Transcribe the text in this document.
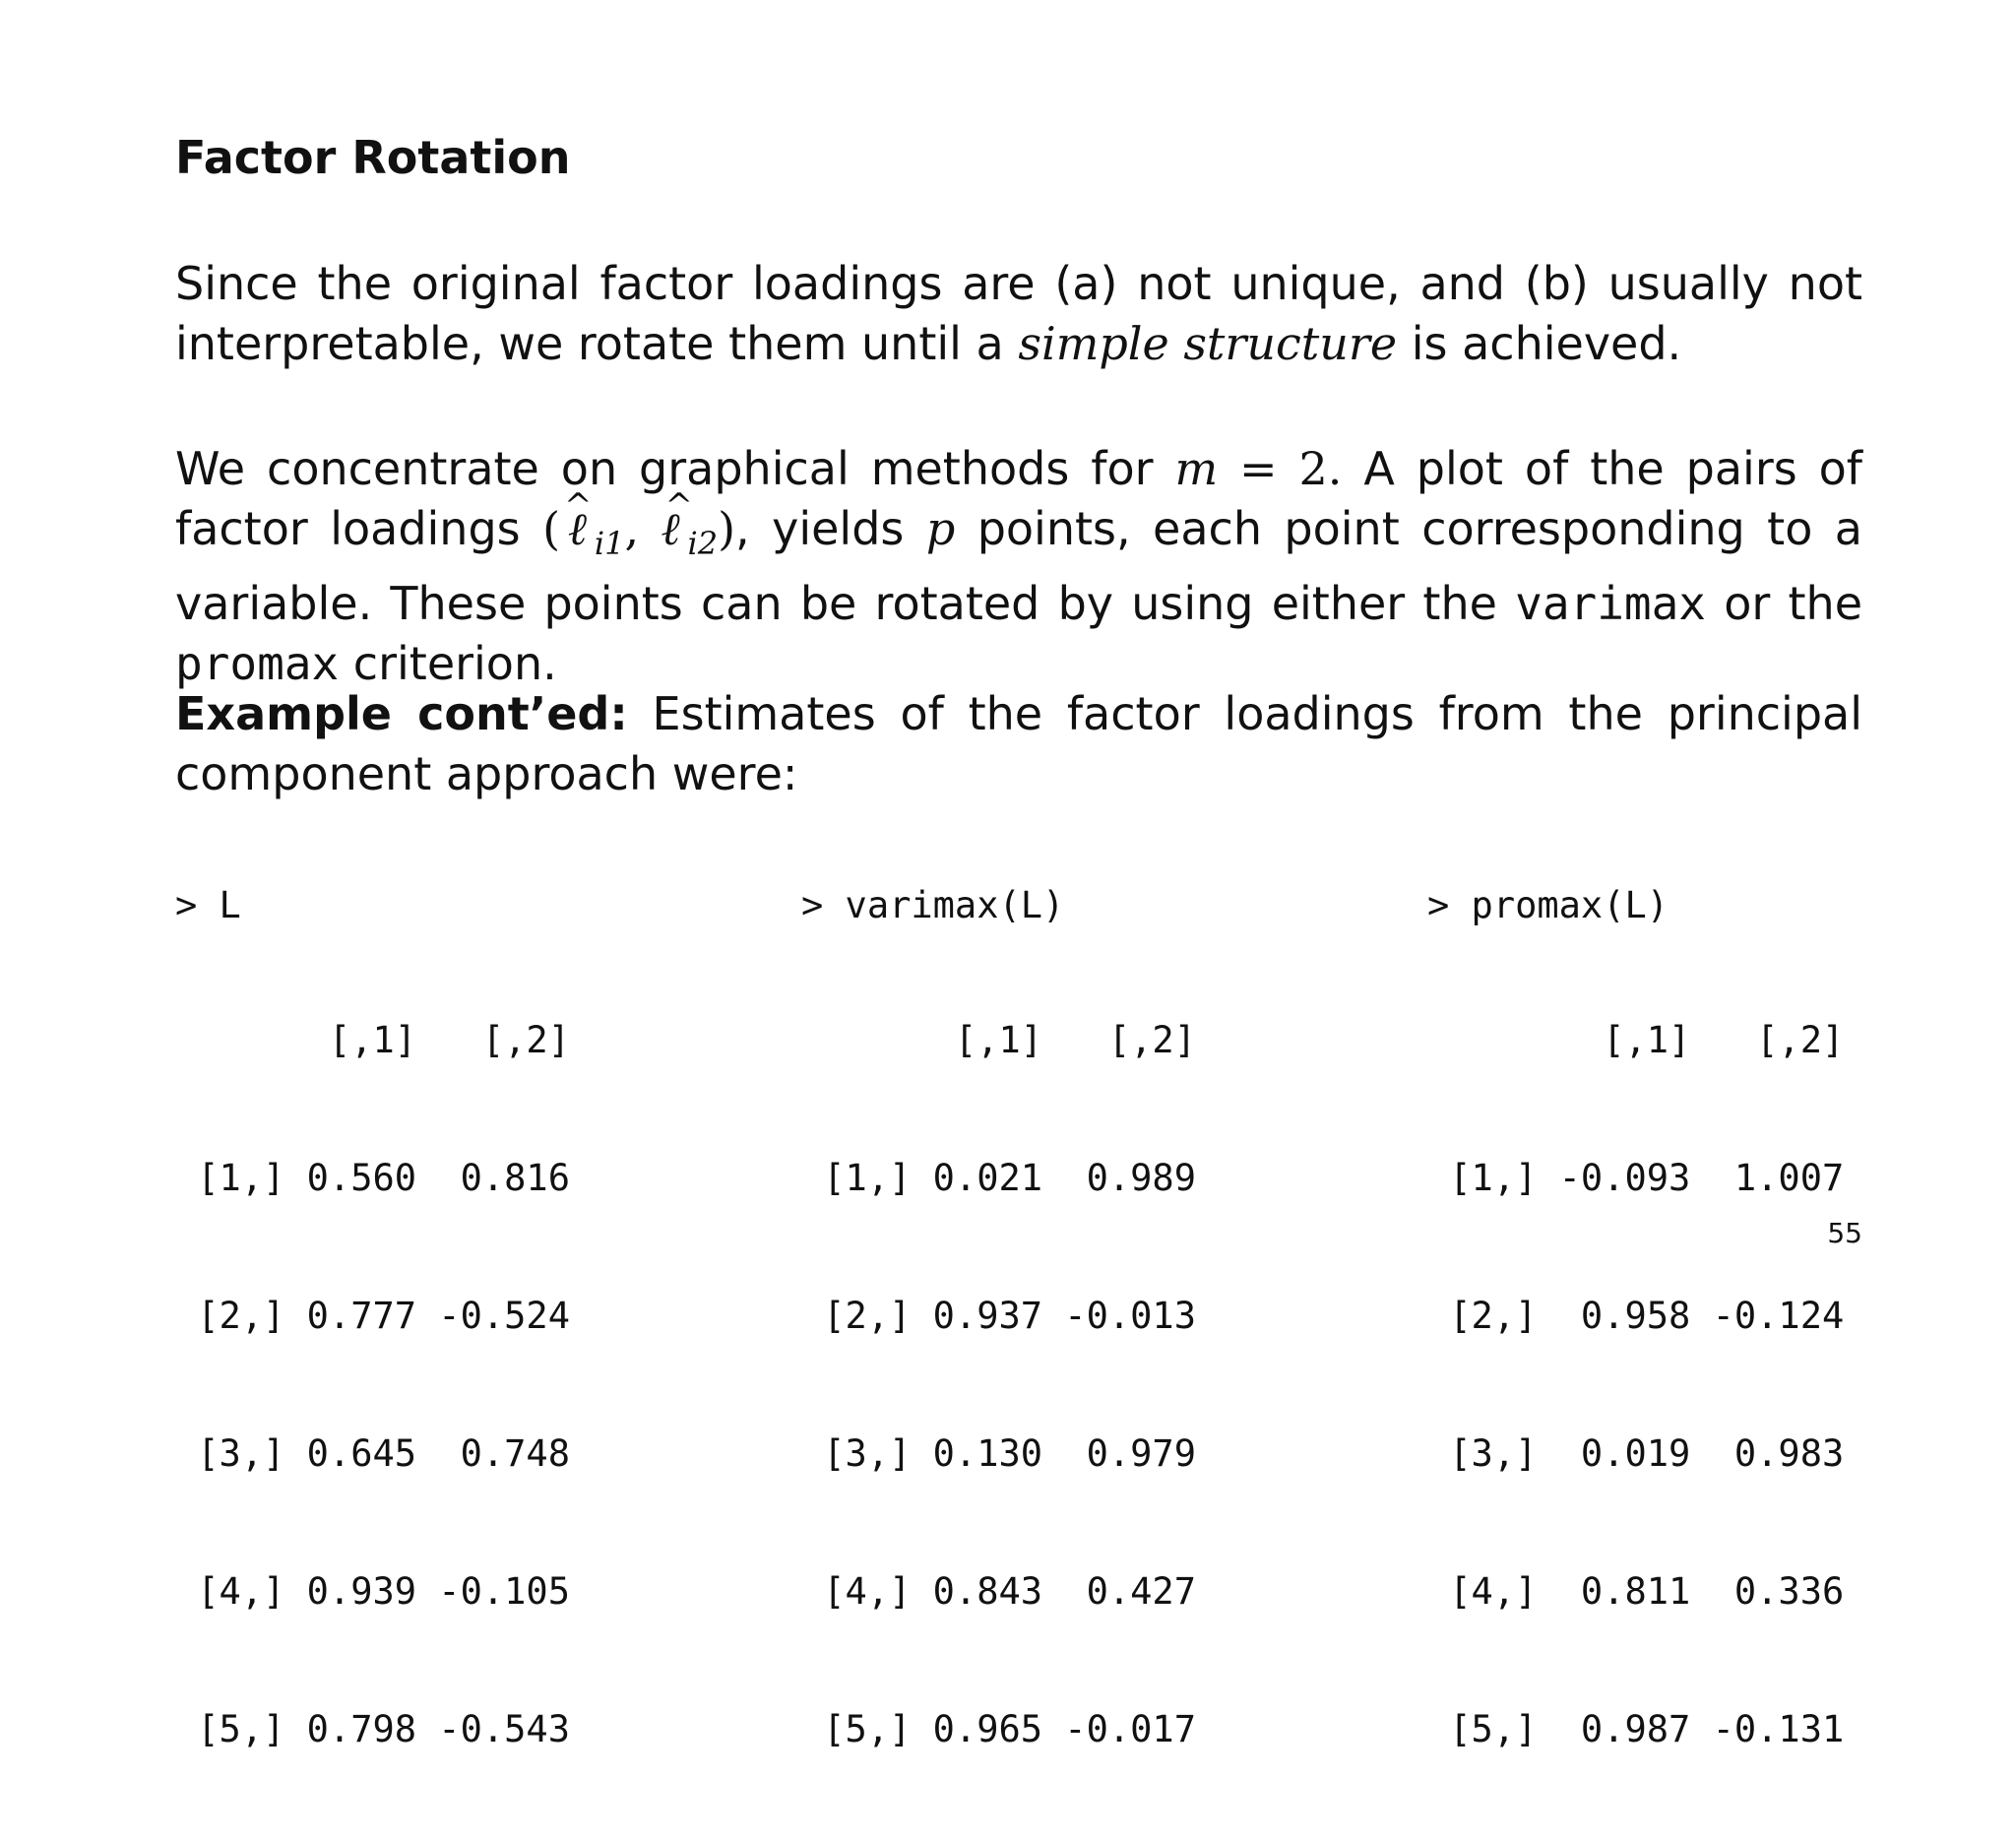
Factor Rotation

Since the original factor loadings are (a) not unique, and (b) usually not interpretable, we rotate them until a simple structure is achieved.

We concentrate on graphical methods for m = 2. A plot of the pairs of factor loadings (^ ℓ$_{i1}$, ^ ℓ$_{i2}$), yields p points, each point corresponding to a variable. These points can be rotated by using either the varimax or the promax criterion.

Example cont’ed: Estimates of the factor loadings from the principal component approach were:

> L

[,1]   [,2]

[1,] 0.560  0.816

[2,] 0.777 -0.524

[3,] 0.645  0.748

[4,] 0.939 -0.105

[5,] 0.798 -0.543

> varimax(L)

[,1]   [,2]

[1,] 0.021  0.989

[2,] 0.937 -0.013

[3,] 0.130  0.979

[4,] 0.843  0.427

[5,] 0.965 -0.017

> promax(L)

[,1]   [,2]

[1,] -0.093  1.007

[2,]  0.958 -0.124

[3,]  0.019  0.983

[4,]  0.811  0.336

[5,]  0.987 -0.131

55
